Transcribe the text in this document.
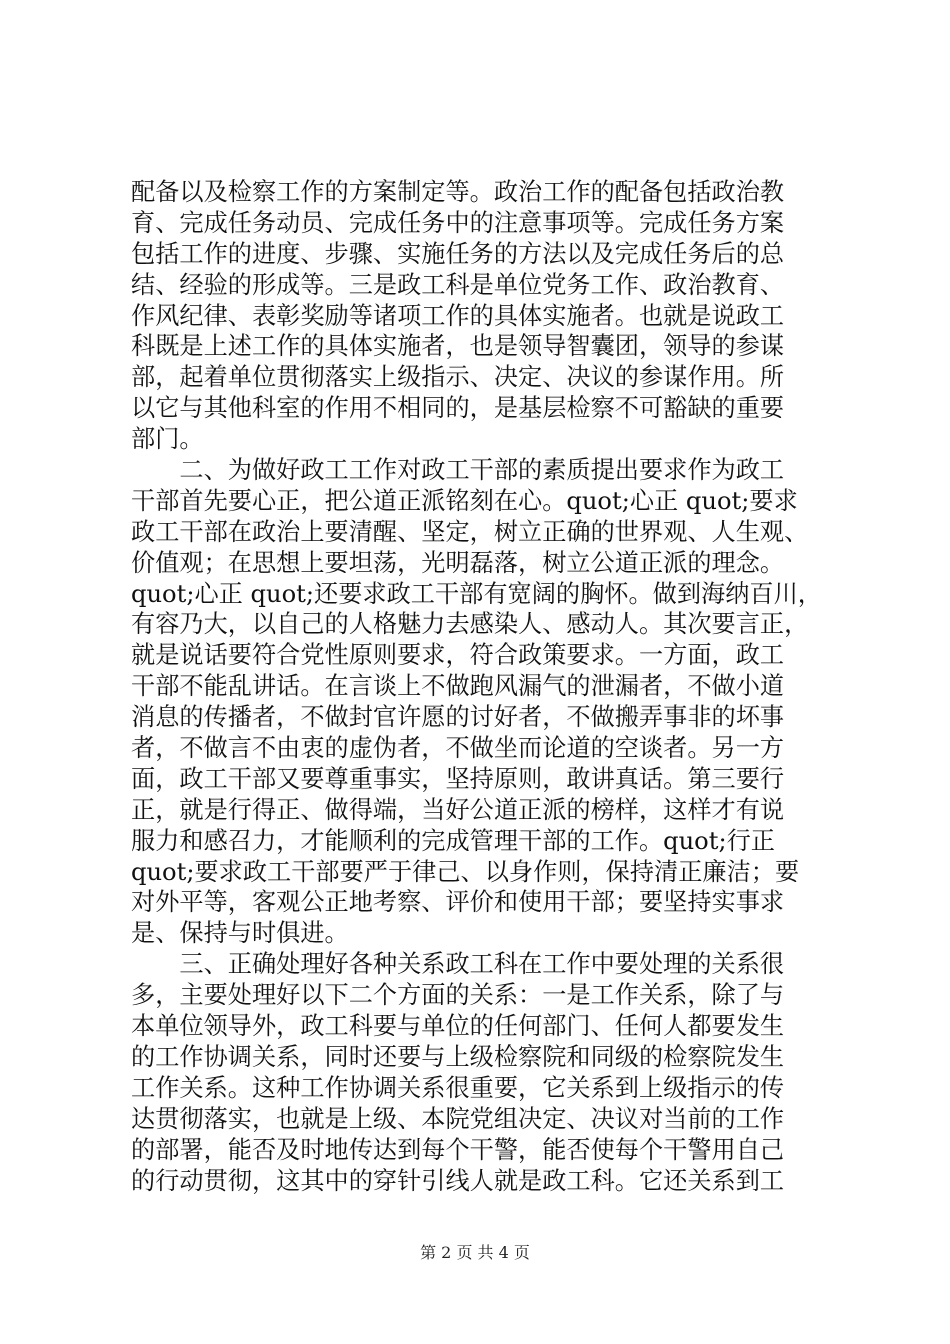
配备以及检察工作的方案制定等。政治工作的配备包括政治教
育、完成任务动员、完成任务中的注意事项等。完成任务方案
包括工作的进度、步骤、实施任务的方法以及完成任务后的总
结、经验的形成等。三是政工科是单位党务工作、政治教育、
作风纪律、表彰奖励等诸项工作的具体实施者。也就是说政工
科既是上述工作的具体实施者，也是领导智囊团，领导的参谋
部，起着单位贯彻落实上级指示、决定、决议的参谋作用。所
以它与其他科室的作用不相同的，是基层检察不可豁缺的重要
部门。
　　二、为做好政工工作对政工干部的素质提出要求作为政工
干部首先要心正，把公道正派铭刻在心。quot;心正 quot;要求
政工干部在政治上要清醒、坚定，树立正确的世界观、人生观、
价值观；在思想上要坦荡，光明磊落，树立公道正派的理念。
quot;心正 quot;还要求政工干部有宽阔的胸怀。做到海纳百川，
有容乃大，以自己的人格魅力去感染人、感动人。其次要言正，
就是说话要符合党性原则要求，符合政策要求。一方面，政工
干部不能乱讲话。在言谈上不做跑风漏气的泄漏者，不做小道
消息的传播者，不做封官许愿的讨好者，不做搬弄事非的坏事
者，不做言不由衷的虚伪者，不做坐而论道的空谈者。另一方
面，政工干部又要尊重事实，坚持原则，敢讲真话。第三要行
正，就是行得正、做得端，当好公道正派的榜样，这样才有说
服力和感召力，才能顺利的完成管理干部的工作。quot;行正
quot;要求政工干部要严于律己、以身作则，保持清正廉洁；要
对外平等，客观公正地考察、评价和使用干部；要坚持实事求
是、保持与时俱进。
　　三、正确处理好各种关系政工科在工作中要处理的关系很
多，主要处理好以下二个方面的关系：一是工作关系，除了与
本单位领导外，政工科要与单位的任何部门、任何人都要发生
的工作协调关系，同时还要与上级检察院和同级的检察院发生
工作关系。这种工作协调关系很重要，它关系到上级指示的传
达贯彻落实，也就是上级、本院党组决定、决议对当前的工作
的部署，能否及时地传达到每个干警，能否使每个干警用自己
的行动贯彻，这其中的穿针引线人就是政工科。它还关系到工
第 2 页 共 4 页
